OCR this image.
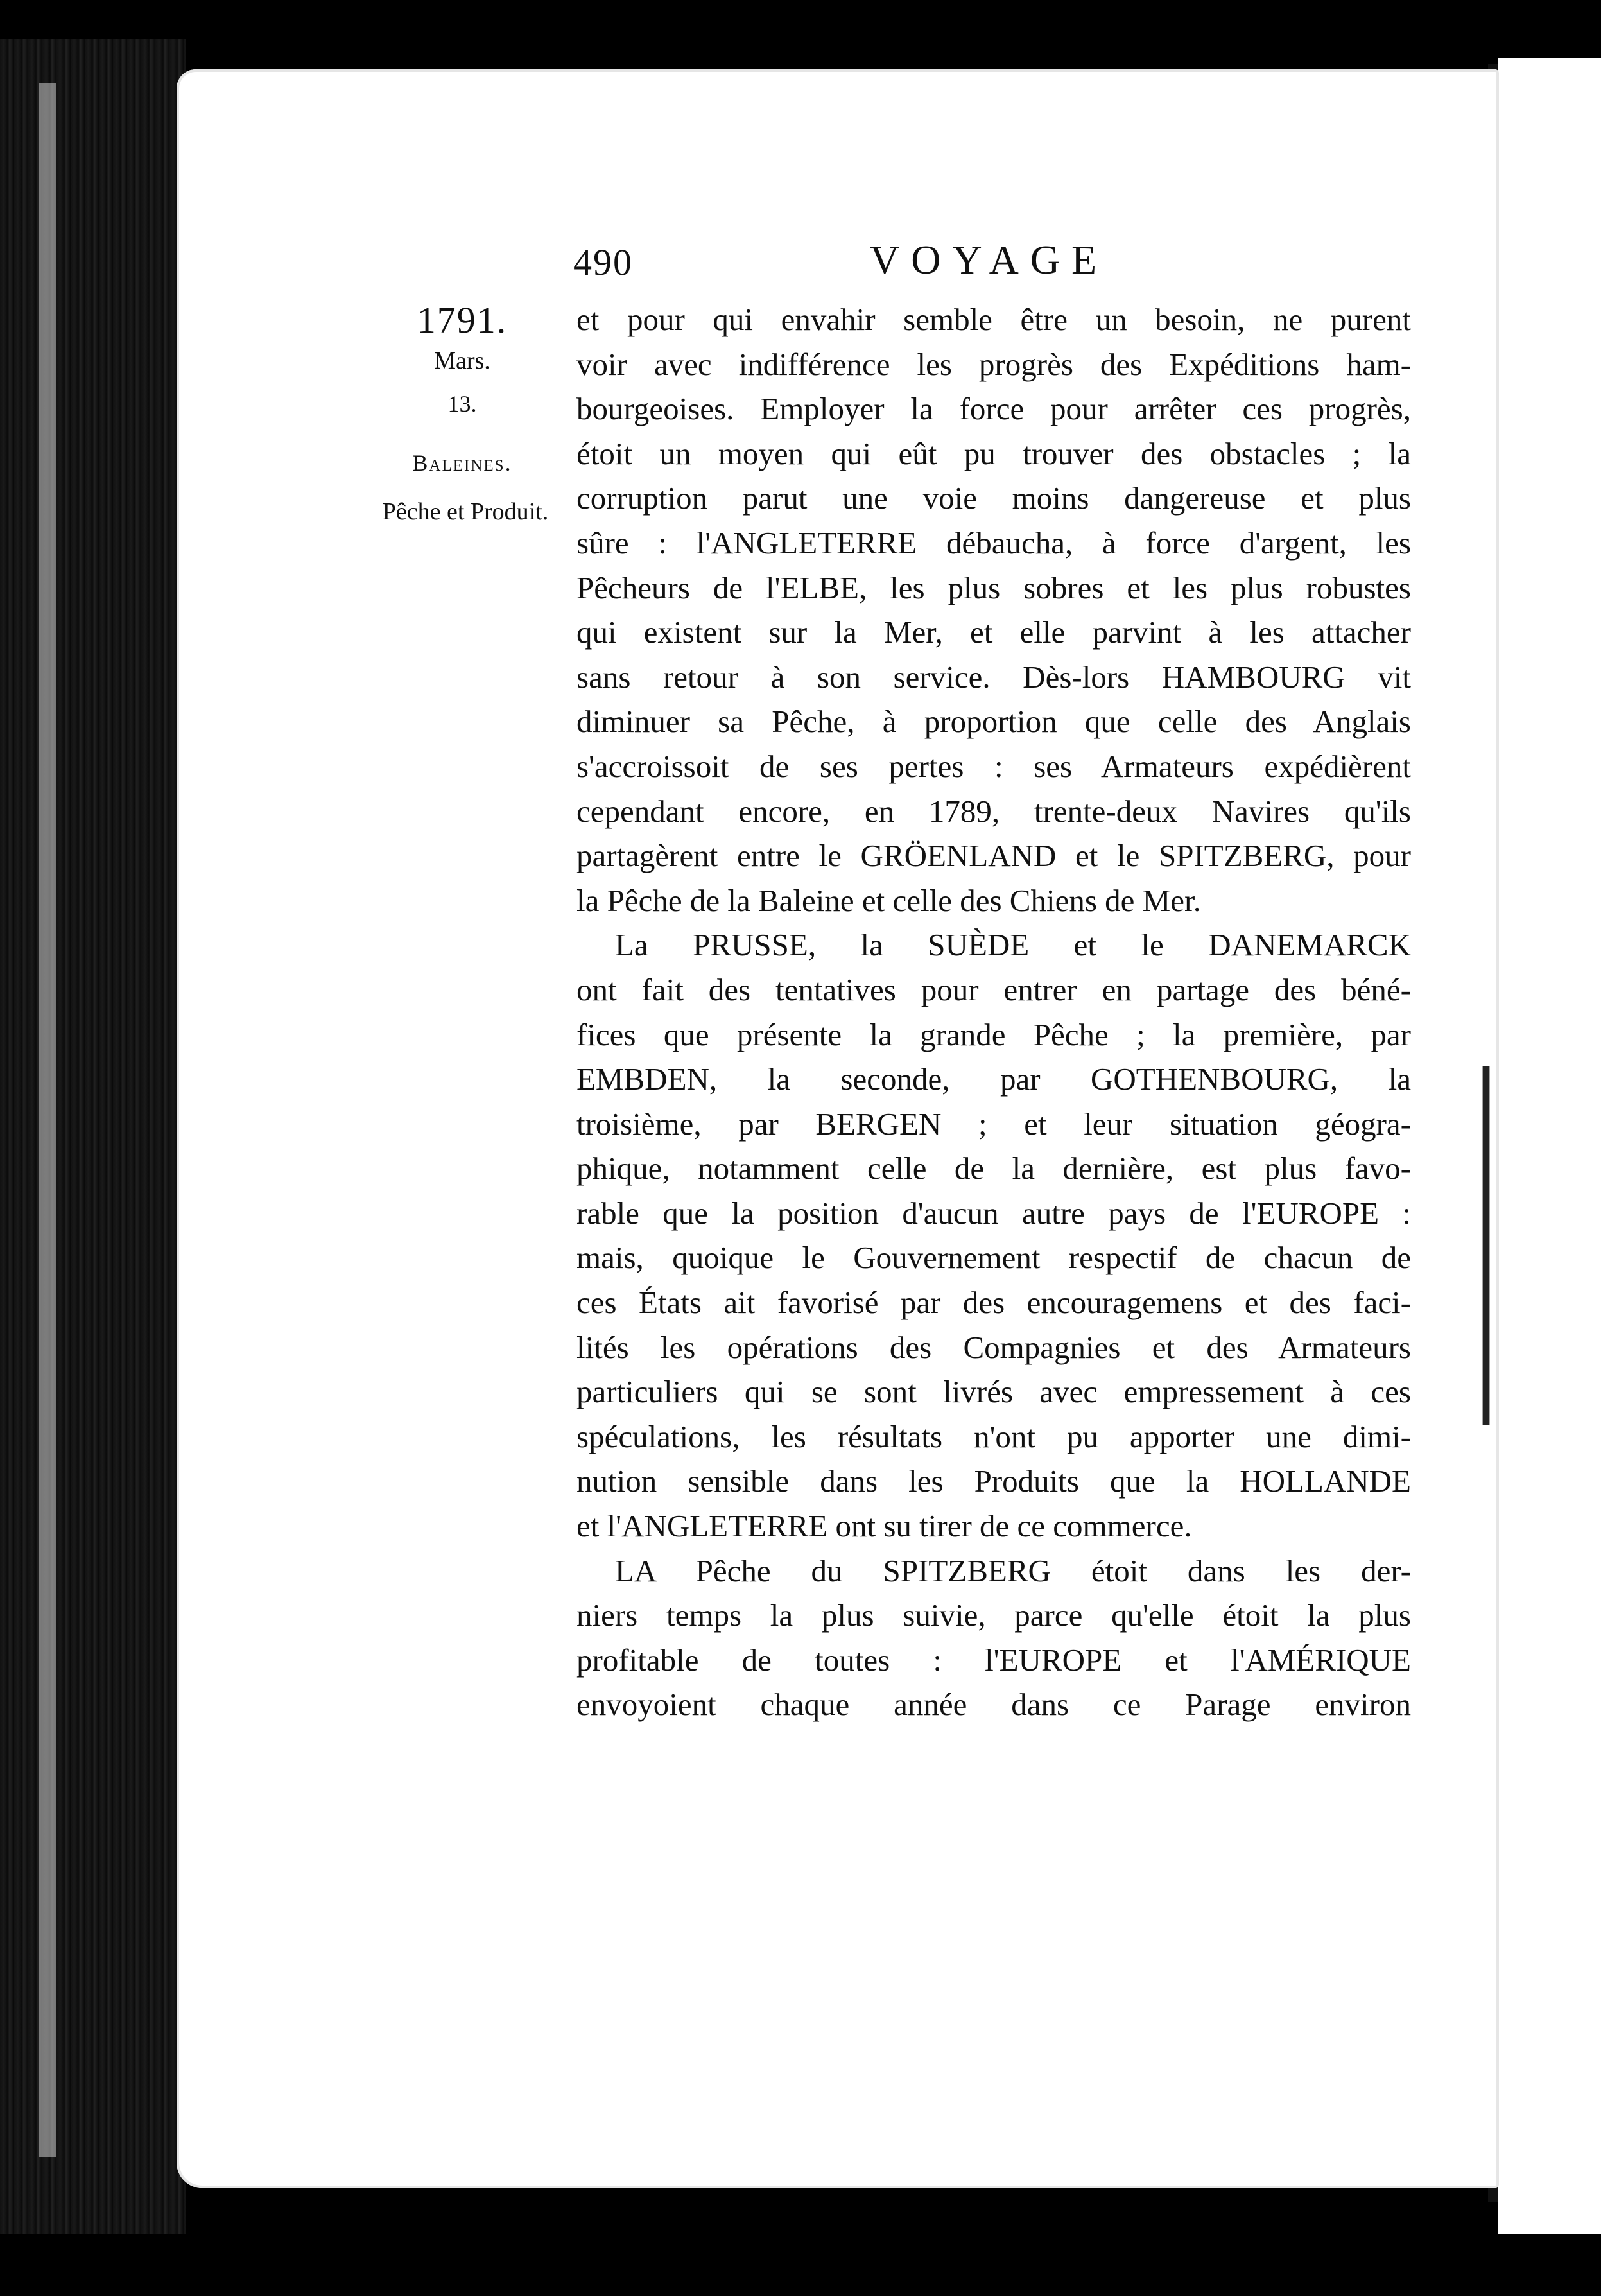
490	VOYAGE
1791.
Mars.
13.
Baleines.
Pêche et Produit.
et pour qui envahir semble être un besoin, ne purent
voir avec indifférence les progrès des Expéditions ham-
bourgeoises. Employer la force pour arrêter ces progrès,
étoit un moyen qui eût pu trouver des obstacles ; la
corruption parut une voie moins dangereuse et plus
sûre : l'ANGLETERRE débaucha, à force d'argent, les
Pêcheurs de l'ELBE, les plus sobres et les plus robustes
qui existent sur la Mer, et elle parvint à les attacher
sans retour à son service. Dès-lors HAMBOURG vit
diminuer sa Pêche, à proportion que celle des Anglais
s'accroissoit de ses pertes : ses Armateurs expédièrent
cependant encore, en 1789, trente-deux Navires qu'ils
partagèrent entre le GRÖENLAND et le SPITZBERG, pour
la Pêche de la Baleine et celle des Chiens de Mer.
La PRUSSE, la SUÈDE et le DANEMARCK
ont fait des tentatives pour entrer en partage des béné-
fices que présente la grande Pêche ; la première, par
EMBDEN, la seconde, par GOTHENBOURG, la
troisième, par BERGEN ; et leur situation géogra-
phique, notamment celle de la dernière, est plus favo-
rable que la position d'aucun autre pays de l'EUROPE :
mais, quoique le Gouvernement respectif de chacun de
ces États ait favorisé par des encouragemens et des faci-
lités les opérations des Compagnies et des Armateurs
particuliers qui se sont livrés avec empressement à ces
spéculations, les résultats n'ont pu apporter une dimi-
nution sensible dans les Produits que la HOLLANDE
et l'ANGLETERRE ont su tirer de ce commerce.
LA Pêche du SPITZBERG étoit dans les der-
niers temps la plus suivie, parce qu'elle étoit la plus
profitable de toutes : l'EUROPE et l'AMÉRIQUE
envoyoient chaque année dans ce Parage environ
